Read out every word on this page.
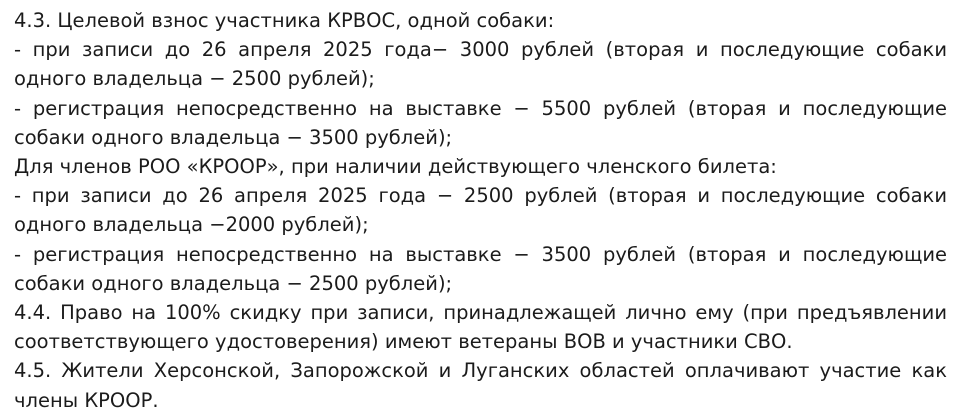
4.3. Целевой взнос участника КРВОС, одной собаки:

- при записи до 26 апреля 2025 года− 3000 рублей (вторая и последующие собаки одного владельца − 2500 рублей);

- регистрация непосредственно на выставке − 5500 рублей (вторая и последующие собаки одного владельца − 3500 рублей);

Для членов РОО «КРООР», при наличии действующего членского билета:

- при записи до 26 апреля 2025 года − 2500 рублей (вторая и последующие собаки одного владельца −2000 рублей);

- регистрация непосредственно на выставке − 3500 рублей (вторая и последующие собаки одного владельца − 2500 рублей);

4.4. Право на 100% скидку при записи, принадлежащей лично ему (при предъявлении соответствующего удостоверения) имеют ветераны ВОВ и участники СВО.

4.5. Жители Херсонской, Запорожской и Луганских областей оплачивают участие как члены КРООР.
